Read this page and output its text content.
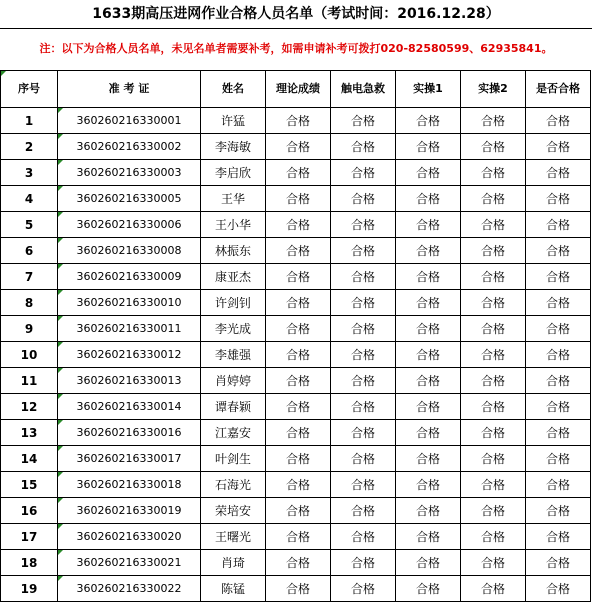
1633期高压进网作业合格人员名单（考试时间：2016.12.28）
注：以下为合格人员名单，未见名单者需要补考，如需申请补考可拨打020-82580599、62935841。
序号	准 考 证	姓名	理论成绩	触电急救	实操1	实操2	是否合格
1	360260216330001	许猛	合格	合格	合格	合格	合格
2	360260216330002	李海敏	合格	合格	合格	合格	合格
3	360260216330003	李启欣	合格	合格	合格	合格	合格
4	360260216330005	王华	合格	合格	合格	合格	合格
5	360260216330006	王小华	合格	合格	合格	合格	合格
6	360260216330008	林振东	合格	合格	合格	合格	合格
7	360260216330009	康亚杰	合格	合格	合格	合格	合格
8	360260216330010	许剑钊	合格	合格	合格	合格	合格
9	360260216330011	李光成	合格	合格	合格	合格	合格
10	360260216330012	李雄强	合格	合格	合格	合格	合格
11	360260216330013	肖婷婷	合格	合格	合格	合格	合格
12	360260216330014	谭春颖	合格	合格	合格	合格	合格
13	360260216330016	江嘉安	合格	合格	合格	合格	合格
14	360260216330017	叶剑生	合格	合格	合格	合格	合格
15	360260216330018	石海光	合格	合格	合格	合格	合格
16	360260216330019	荣培安	合格	合格	合格	合格	合格
17	360260216330020	王曙光	合格	合格	合格	合格	合格
18	360260216330021	肖琦	合格	合格	合格	合格	合格
19	360260216330022	陈锰	合格	合格	合格	合格	合格
